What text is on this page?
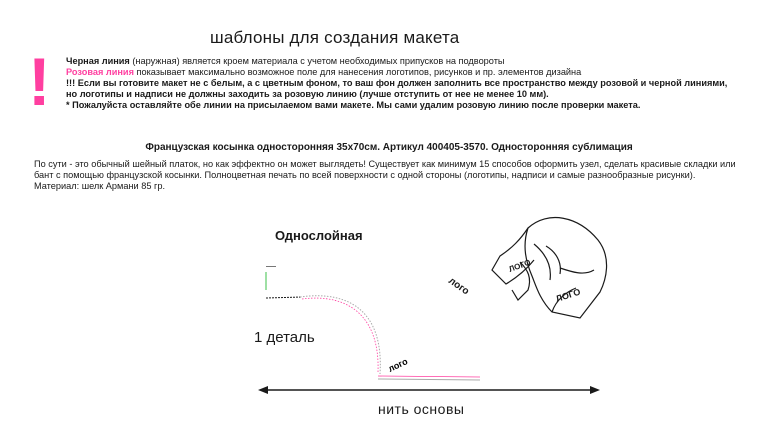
шаблоны для создания макета
! Черная линия (наружная) является кроем материала с учетом необходимых припусков на подвороты
Розовая линия показывает максимально возможное поле для нанесения логотипов, рисунков и пр. элементов дизайна
!!! Если вы готовите макет не с белым, а с цветным фоном, то ваш фон должен заполнить все пространство между розовой и черной линиями,
но логотипы и надписи не должны заходить за розовую линию (лучше отступить от нее не менее 10 мм).
* Пожалуйста оставляйте обе линии на присылаемом вами макете. Мы сами удалим розовую линию после проверки макета.
Французская косынка односторонняя 35х70см. Артикул 400405-3570. Односторонняя сублимация
По сути - это обычный шейный платок, но как эффектно он может выглядеть! Существует как минимум 15 способов оформить узел, сделать красивые складки или
бант с помощью французской косынки. Полноцветная печать по всей поверхности с одной стороны (логотипы, надписи и самые разнообразные рисунки).
Материал: шелк Армани 85 гр.
Однослойная
1 деталь
нить основы
лого
лого
ЛОГО
ЛОГО
